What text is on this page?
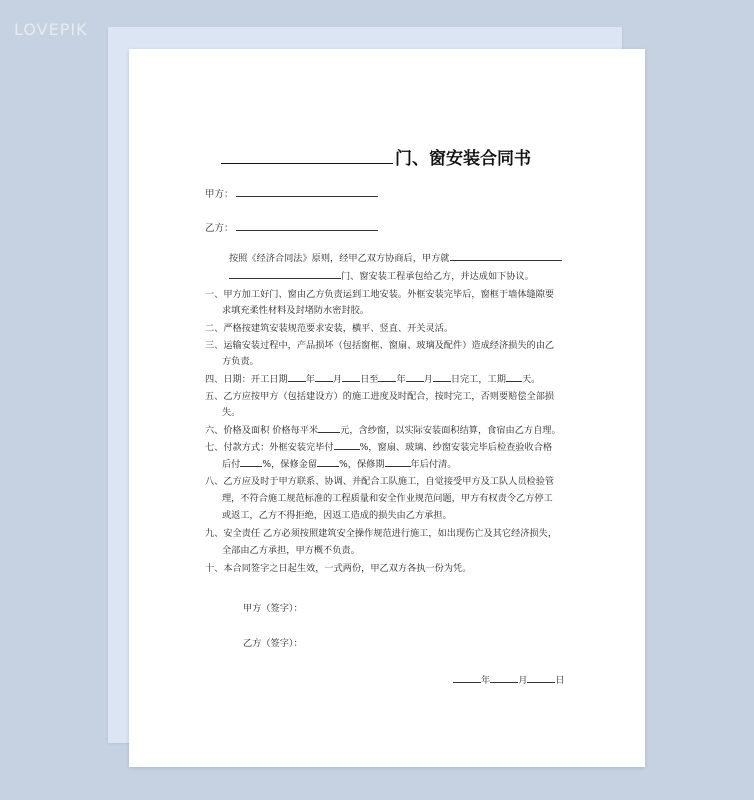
LOVEPIK
门、窗安装合同书
甲方：
乙方：
按照《经济合同法》原则，经甲乙双方协商后，甲方就
门、窗安装工程承包给乙方，并达成如下协议。
一、甲方加工好门、窗由乙方负责运到工地安装。外框安装完毕后，窗框于墙体缝隙要
求填充柔性材料及封堵防水密封胶。
二、严格按建筑安装规范要求安装，横平、竖直、开关灵活。
三、运输安装过程中，产品损坏（包括窗框、窗扇、玻璃及配件）造成经济损失的由乙
方负责。
四、日期：开工日期 年 月 日至 年 月 日完工，工期 天。
五、乙方应按甲方（包括建设方）的施工进度及时配合，按时完工，否则要赔偿全部损
失。
六、价格及面积 价格每平米 元，含纱窗，以实际安装面积结算，食宿由乙方自理。
七、付款方式：外框安装完毕付	%，窗扇、玻璃、纱窗安装完毕后检查验收合格
后付 %，保修金留 %，保修期	年后付清。
八、乙方应及时于甲方联系、协调、并配合工队施工，自觉接受甲方及工队人员检验管
理，不符合施工规范标准的工程质量和安全作业规范问题，甲方有权责令乙方停工
或返工，乙方不得拒绝，因返工造成的损失由乙方承担。
九、安全责任 乙方必须按照建筑安全操作规范进行施工，如出现伤亡及其它经济损失，
全部由乙方承担，甲方概不负责。
十、本合同签字之日起生效，一式两份，甲乙双方各执一份为凭。
甲方（签字）：
乙方（签字）：
年	月	日
